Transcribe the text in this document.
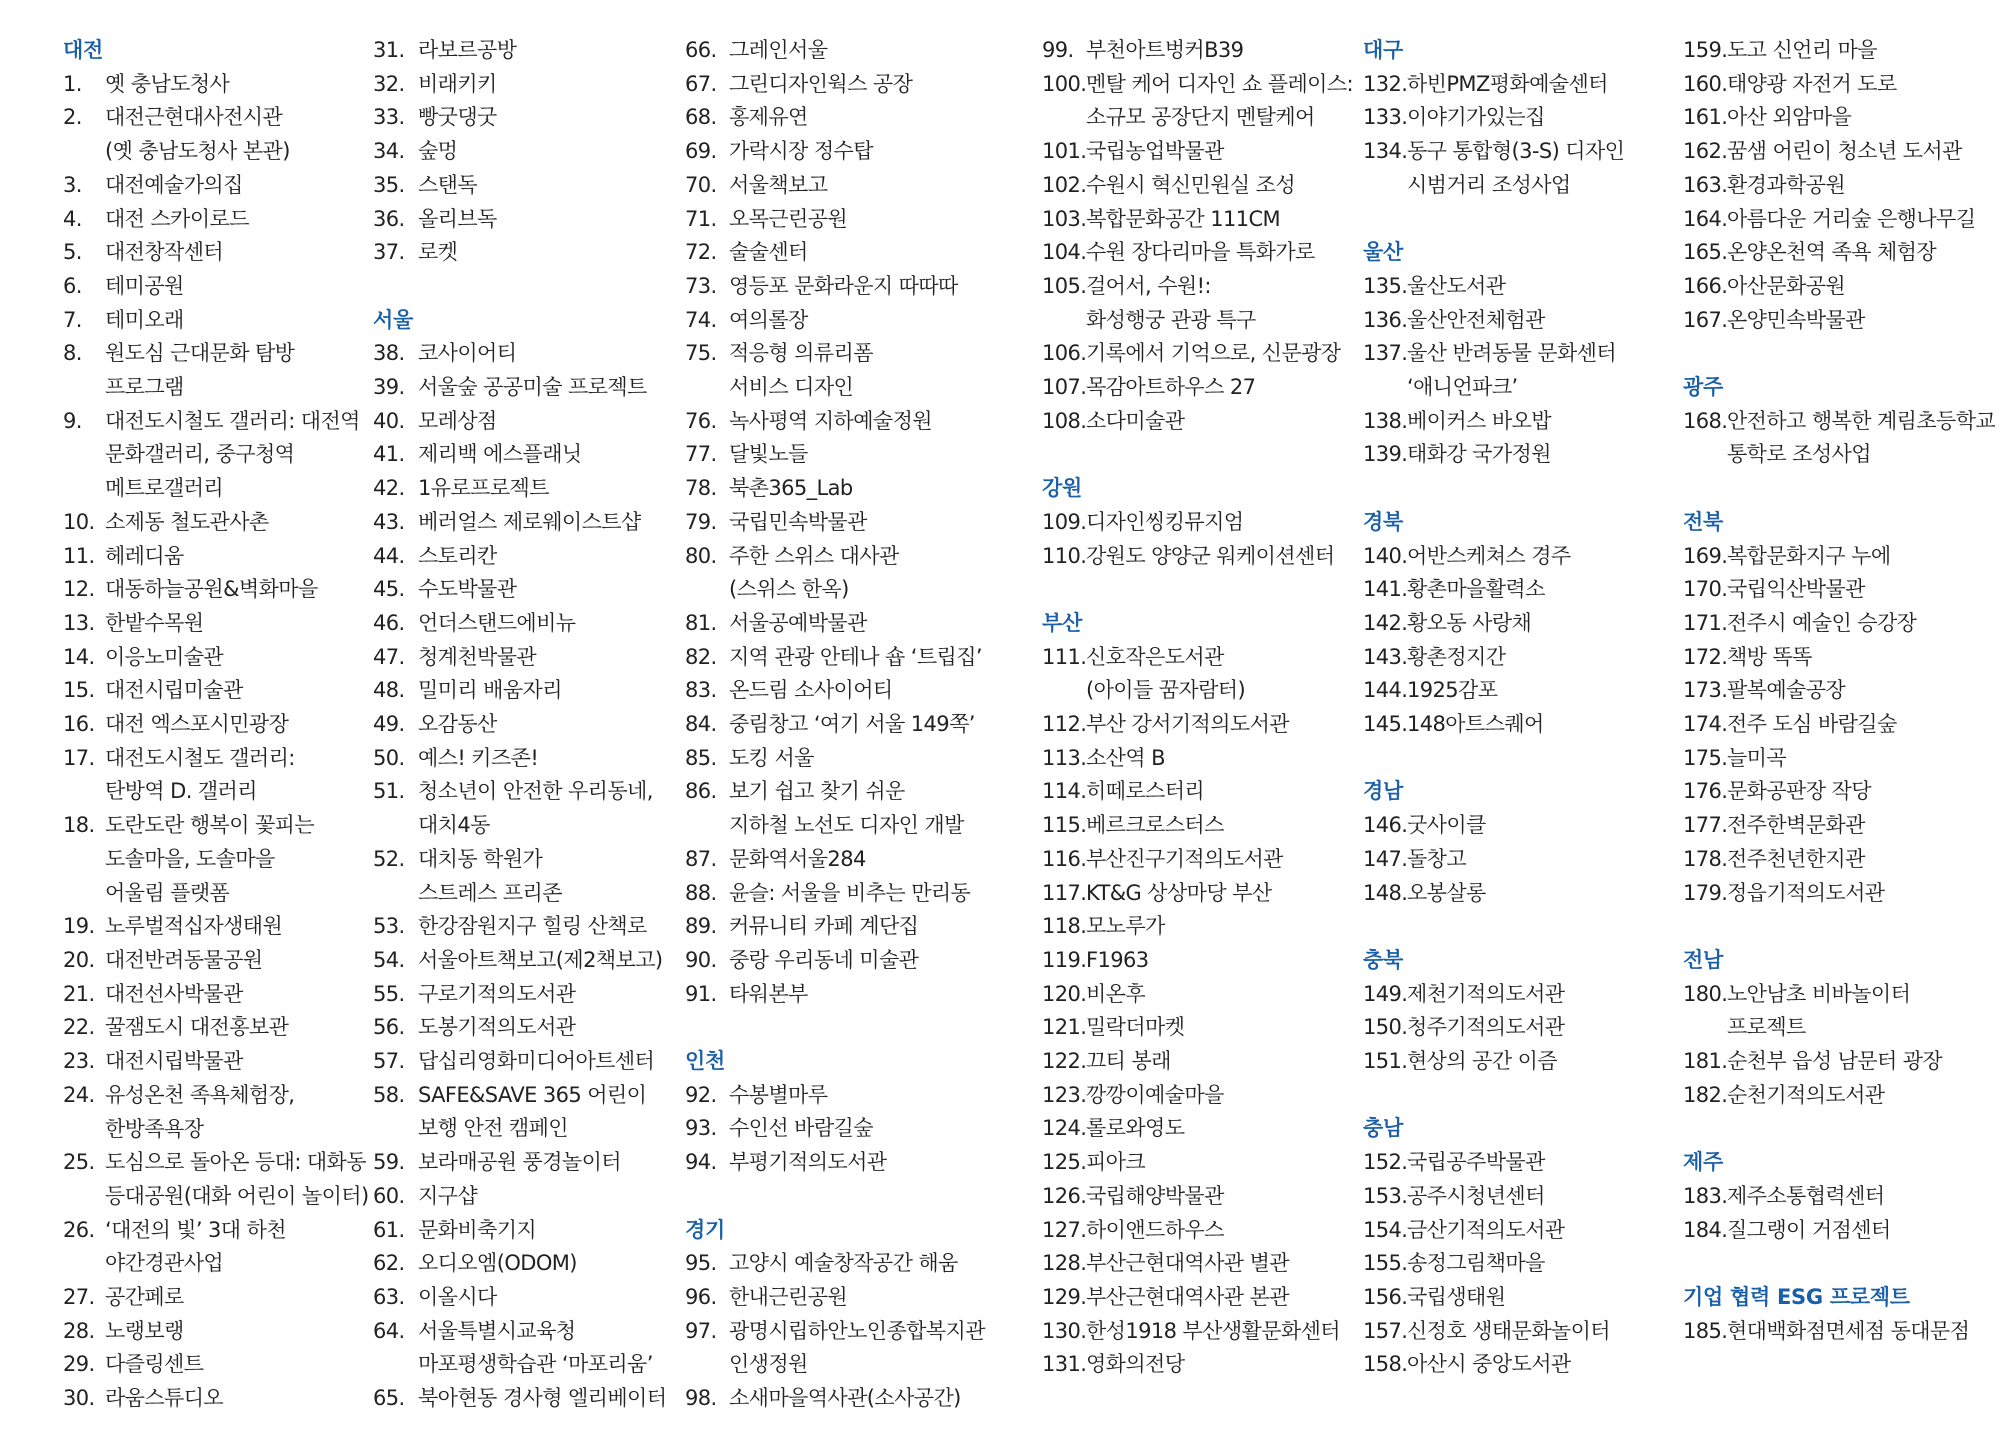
대전
1.	옛 충남도청사
2.	대전근현대사전시관
(옛 충남도청사 본관)
3.	대전예술가의집
4.	대전 스카이로드
5.	대전창작센터
6.	테미공원
7.	테미오래
8.	원도심 근대문화 탐방
프로그램
9.	대전도시철도 갤러리: 대전역
문화갤러리, 중구청역
메트로갤러리
10. 소제동 철도관사촌
11. 헤레디움
12. 대동하늘공원&벽화마을
13. 한밭수목원
14. 이응노미술관
15. 대전시립미술관
16. 대전 엑스포시민광장
17. 대전도시철도 갤러리:
탄방역 D. 갤러리
18. 도란도란 행복이 꽃피는
도솔마을, 도솔마을
어울림 플랫폼
19. 노루벌적십자생태원
20. 대전반려동물공원
21. 대전선사박물관
22. 꿀잼도시 대전홍보관
23. 대전시립박물관
24. 유성온천 족욕체험장,
한방족욕장
25. 도심으로 돌아온 등대: 대화동
등대공원(대화 어린이 놀이터)
26. ‘대전의 빛’ 3대 하천
야간경관사업
27. 공간페로
28. 노랭보랭
29. 다즐링센트
30. 라움스튜디오
31. 라보르공방
32. 비래키키
33. 빵굿댕굿
34. 숲멍
35. 스탠독
36. 올리브독
37. 로켓
서울
38. 코사이어티
39. 서울숲 공공미술 프로젝트
40. 모레상점
41. 제리백 에스플래닛
42. 1유로프로젝트
43. 베러얼스 제로웨이스트샵
44. 스토리칸
45. 수도박물관
46. 언더스탠드에비뉴
47. 청계천박물관
48. 밀미리 배움자리
49. 오감동산
50. 예스! 키즈존!
51. 청소년이 안전한 우리동네,
대치4동
52. 대치동 학원가
스트레스 프리존
53. 한강잠원지구 힐링 산책로
54. 서울아트책보고(제2책보고)
55. 구로기적의도서관
56. 도봉기적의도서관
57. 답십리영화미디어아트센터
58. SAFE&SAVE 365 어린이
보행 안전 캠페인
59. 보라매공원 풍경놀이터
60. 지구샵
61. 문화비축기지
62. 오디오엠(ODOM)
63. 이올시다
64. 서울특별시교육청
마포평생학습관 ‘마포리움’
65. 북아현동 경사형 엘리베이터
66. 그레인서울
67. 그린디자인웍스 공장
68. 홍제유연
69. 가락시장 정수탑
70. 서울책보고
71. 오목근린공원
72. 술술센터
73. 영등포 문화라운지 따따따
74. 여의롤장
75. 적응형 의류리폼
서비스 디자인
76. 녹사평역 지하예술정원
77. 달빛노들
78. 북촌365_Lab
79. 국립민속박물관
80. 주한 스위스 대사관
(스위스 한옥)
81. 서울공예박물관
82. 지역 관광 안테나 숍 ‘트립집’
83. 온드림 소사이어티
84. 중림창고 ‘여기 서울 149쪽’
85. 도킹 서울
86. 보기 쉽고 찾기 쉬운
지하철 노선도 디자인 개발
87. 문화역서울284
88. 윤슬: 서울을 비추는 만리동
89. 커뮤니티 카페 계단집
90. 중랑 우리동네 미술관
91. 타워본부
인천
92. 수봉별마루
93. 수인선 바람길숲
94. 부평기적의도서관
경기
95. 고양시 예술창작공간 해움
96. 한내근린공원
97. 광명시립하안노인종합복지관
인생정원
98. 소새마을역사관(소사공간)
99. 부천아트벙커B39
100. 멘탈 케어 디자인 쇼 플레이스:
소규모 공장단지 멘탈케어
101. 국립농업박물관
102. 수원시 혁신민원실 조성
103. 복합문화공간 111CM
104. 수원 장다리마을 특화가로
105. 걸어서, 수원!:
화성행궁 관광 특구
106. 기록에서 기억으로, 신문광장
107. 목감아트하우스 27
108. 소다미술관
강원
109. 디자인씽킹뮤지엄
110. 강원도 양양군 워케이션센터
부산
111. 신호작은도서관
(아이들 꿈자람터)
112. 부산 강서기적의도서관
113. 소산역 B
114. 히떼로스터리
115. 베르크로스터스
116. 부산진구기적의도서관
117. KT&G 상상마당 부산
118. 모노루가
119. F1963
120. 비온후
121. 밀락더마켓
122. 끄티 봉래
123. 깡깡이예술마을
124. 롤로와영도
125. 피아크
126. 국립해양박물관
127. 하이앤드하우스
128. 부산근현대역사관 별관
129. 부산근현대역사관 본관
130. 한성1918 부산생활문화센터
131. 영화의전당
대구
132. 하빈PMZ평화예술센터
133. 이야기가있는집
134. 동구 통합형(3-S) 디자인
시범거리 조성사업
울산
135. 울산도서관
136. 울산안전체험관
137. 울산 반려동물 문화센터
‘애니언파크’
138. 베이커스 바오밥
139. 태화강 국가정원
경북
140. 어반스케쳐스 경주
141. 황촌마을활력소
142. 황오동 사랑채
143. 황촌정지간
144. 1925감포
145. 148아트스퀘어
경남
146. 굿사이클
147. 돌창고
148. 오봉살롱
충북
149. 제천기적의도서관
150. 청주기적의도서관
151. 현상의 공간 이즘
충남
152. 국립공주박물관
153. 공주시청년센터
154. 금산기적의도서관
155. 송정그림책마을
156. 국립생태원
157. 신정호 생태문화놀이터
158. 아산시 중앙도서관
159. 도고 신언리 마을
160. 태양광 자전거 도로
161. 아산 외암마을
162. 꿈샘 어린이 청소년 도서관
163. 환경과학공원
164. 아름다운 거리숲 은행나무길
165. 온양온천역 족욕 체험장
166. 아산문화공원
167. 온양민속박물관
광주
168. 안전하고 행복한 계림초등학교
통학로 조성사업
전북
169. 복합문화지구 누에
170. 국립익산박물관
171. 전주시 예술인 승강장
172. 책방 똑똑
173. 팔복예술공장
174. 전주 도심 바람길숲
175. 늘미곡
176. 문화공판장 작당
177. 전주한벽문화관
178. 전주천년한지관
179. 정읍기적의도서관
전남
180. 노안남초 비바놀이터
프로젝트
181. 순천부 읍성 남문터 광장
182. 순천기적의도서관
제주
183. 제주소통협력센터
184. 질그랭이 거점센터
기업 협력 ESG 프로젝트
185. 현대백화점면세점 동대문점
